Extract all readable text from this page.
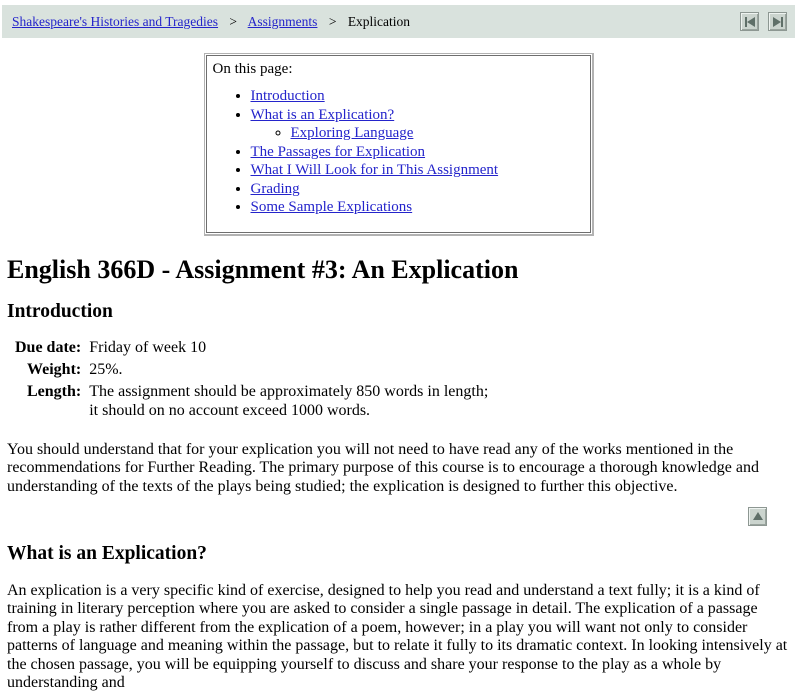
Shakespeare's Histories and Tragedies > Assignments > Explication
On this page:
• Introduction
• What is an Explication?
◦ Exploring Language
• The Passages for Explication
• What I Will Look for in This Assignment
• Grading
• Some Sample Explications
English 366D - Assignment #3: An Explication
Introduction
Due date:	Friday of week 10
Weight:	25%.
Length:	The assignment should be approximately 850 words in length;
it should on no account exceed 1000 words.

You should understand that for your explication you will not need to have read any of the works mentioned in the recommendations for Further Reading. The primary purpose of this course is to encourage a thorough knowledge and understanding of the texts of the plays being studied; the explication is designed to further this objective.

What is an Explication?

An explication is a very specific kind of exercise, designed to help you read and understand a text fully; it is a kind of training in literary perception where you are asked to consider a single passage in detail. The explication of a passage from a play is rather different from the explication of a poem, however; in a play you will want not only to consider patterns of language and meaning within the passage, but to relate it fully to its dramatic context. In looking intensively at the chosen passage, you will be equipping yourself to discuss and share your response to the play as a whole by understanding and
